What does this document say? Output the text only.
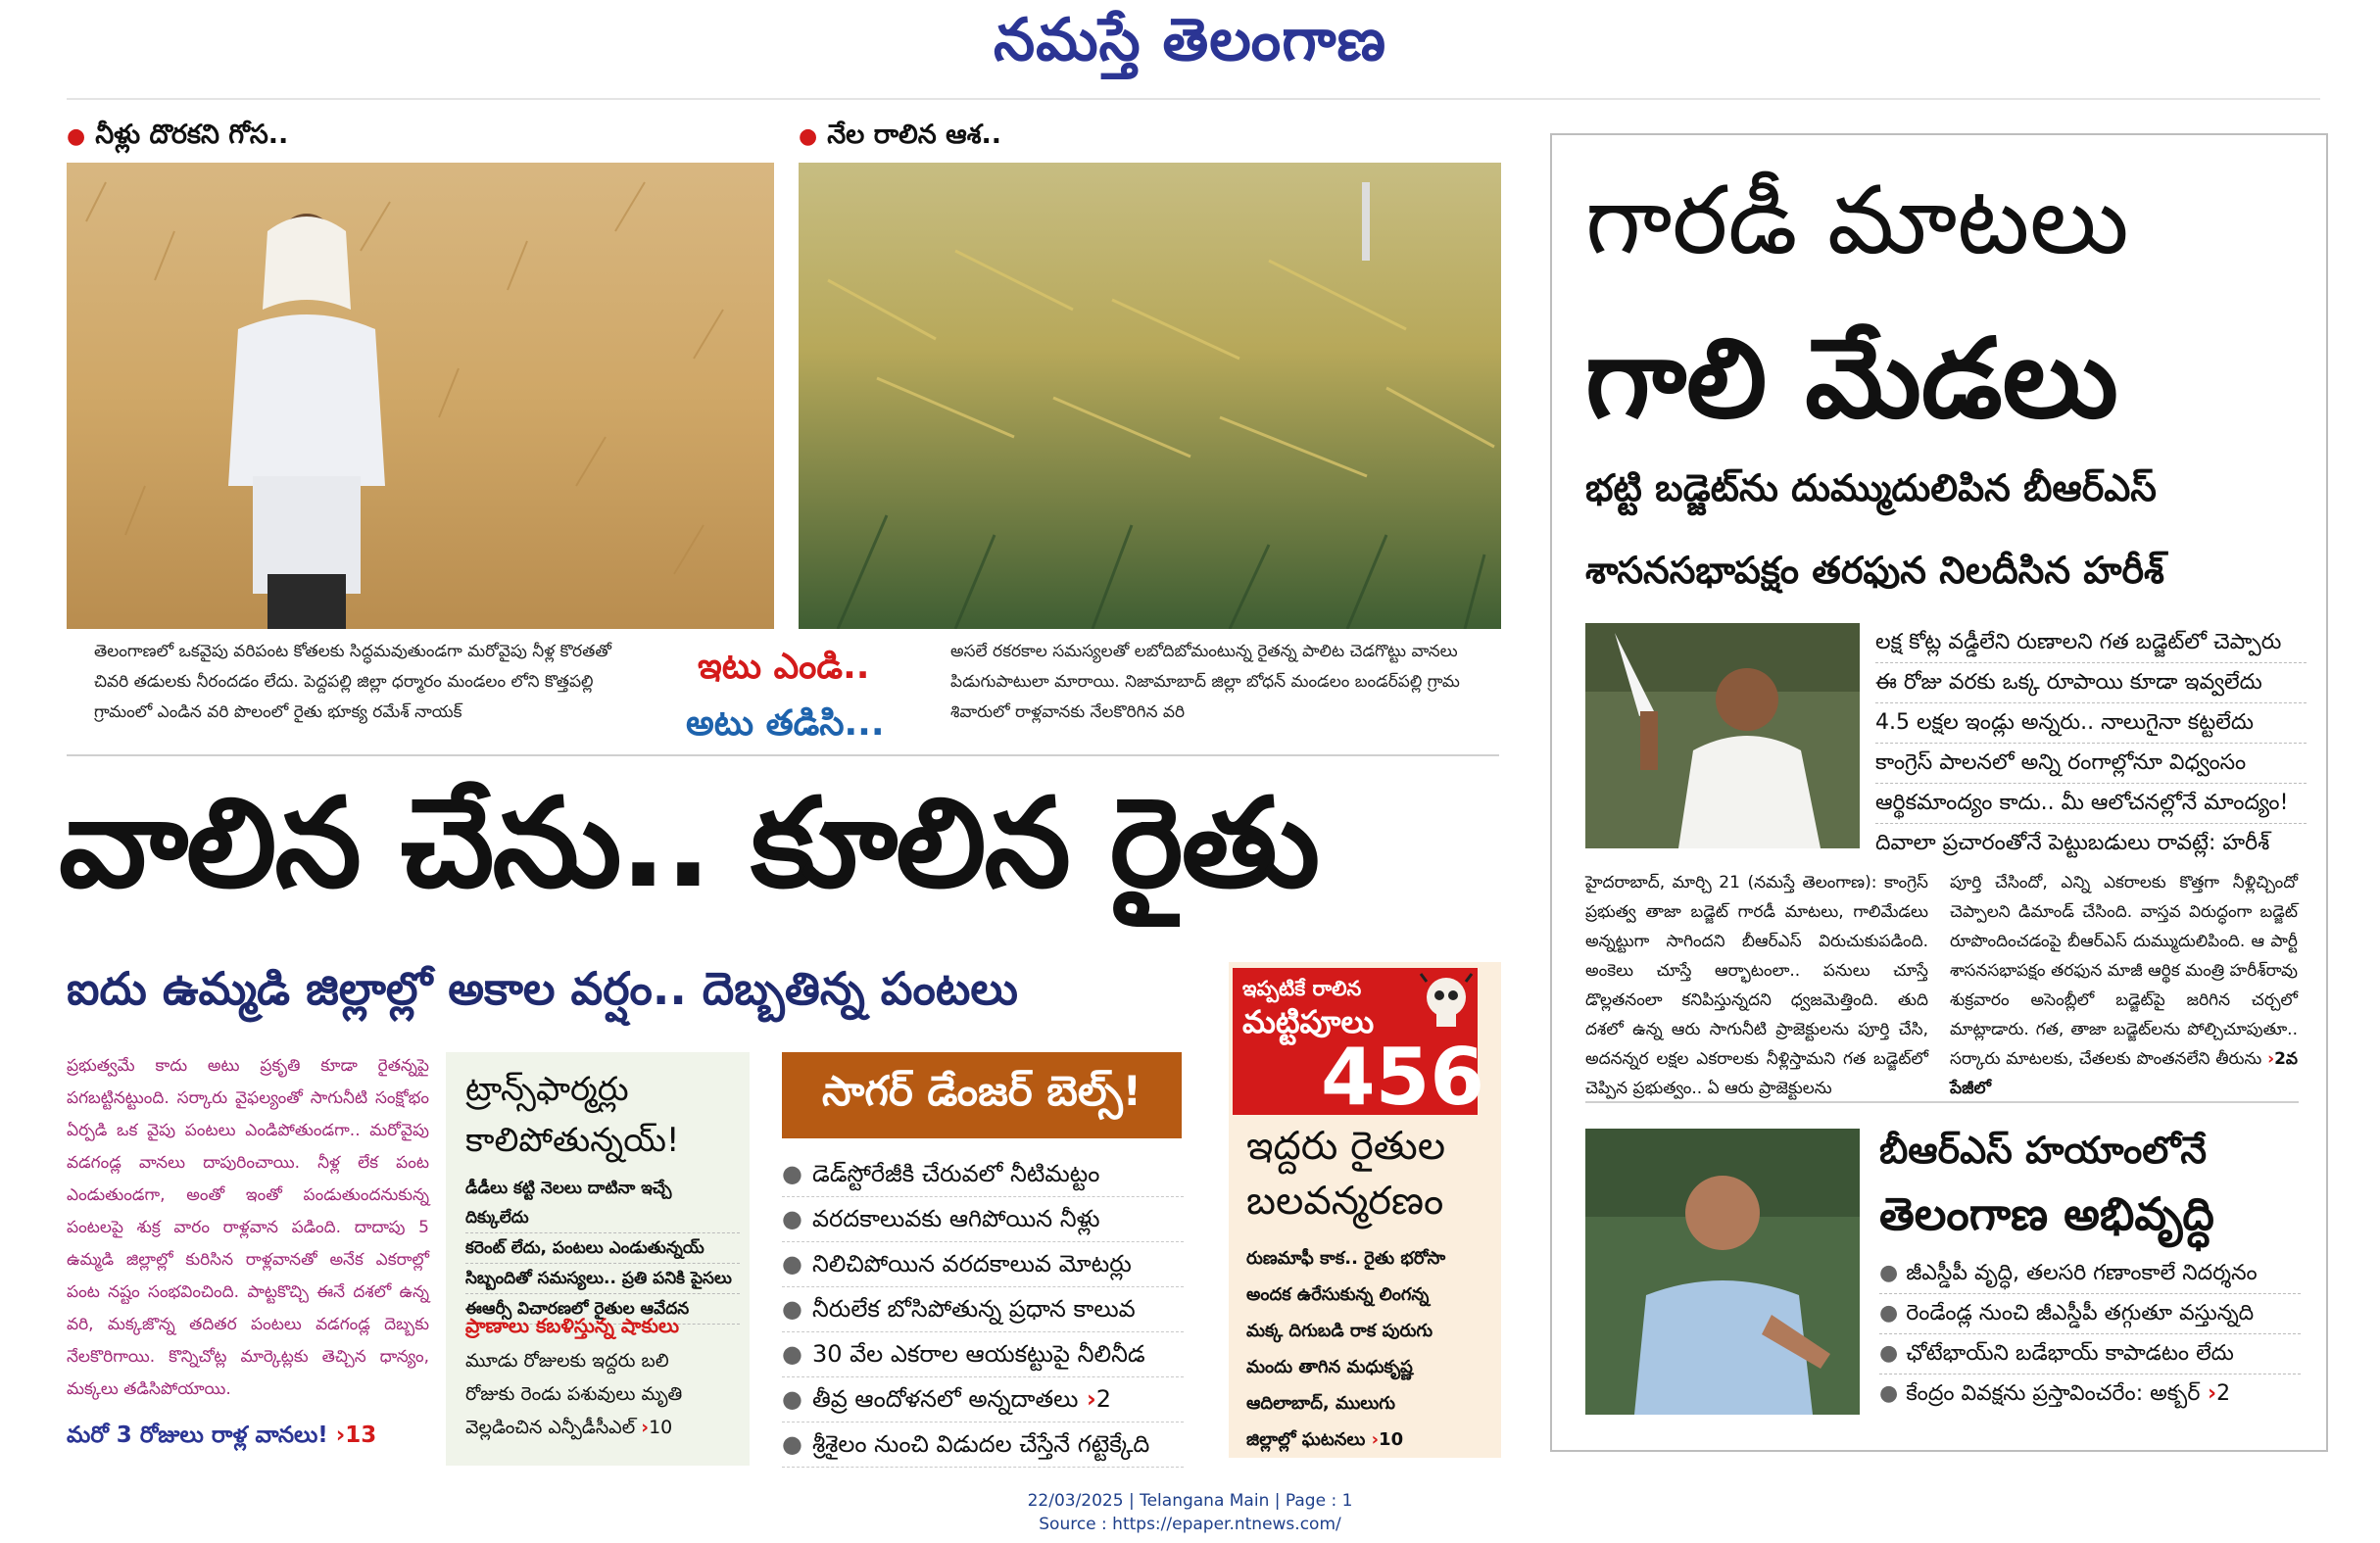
నమస్తే తెలంగాణ
● నీళ్లు దొరకని గోస..
తెలంగాణలో ఒకవైపు వరిపంట కోతలకు సిద్ధమవుతుండగా మరోవైపు నీళ్ల కొరతతో చివరి తడులకు నీరందడం లేదు. పెద్దపల్లి జిల్లా ధర్మారం మండలం లోని కొత్తపల్లి గ్రామంలో ఎండిన వరి పొలంలో రైతు భూక్య రమేశ్ నాయక్
ఇటు ఎండి..
అటు తడిసి...
● నేల రాలిన ఆశ..
అసలే రకరకాల సమస్యలతో లబోదిబోమంటున్న రైతన్న పాలిట చెడగొట్టు వానలు పిడుగుపాటులా మారాయి. నిజామాబాద్ జిల్లా బోధన్ మండలం బండర్‌పల్లి గ్రామ శివారులో రాళ్లవానకు నేలకొరిగిన వరి
వాలిన చేను.. కూలిన రైతు
ఐదు ఉమ్మడి జిల్లాల్లో అకాల వర్షం.. దెబ్బతిన్న పంటలు
ప్రభుత్వమే కాదు అటు ప్రకృతి కూడా రైతన్నపై పగబట్టినట్టుంది. సర్కారు వైఫల్యంతో సాగునీటి సంక్షోభం ఏర్పడి ఒక వైపు పంటలు ఎండిపోతుండగా.. మరోవైపు వడగండ్ల వానలు దాపురించాయి. నీళ్ల లేక పంట ఎండుతుండగా, అంతో ఇంతో పండుతుందనుకున్న పంటలపై శుక్ర వారం రాళ్లవాన పడింది. దాదాపు 5 ఉమ్మడి జిల్లాల్లో కురిసిన రాళ్లవానతో అనేక ఎకరాల్లో పంట నష్టం సంభవించింది. పాట్టకొచ్చి ఈనే దశలో ఉన్న వరి, మక్కజొన్న తదితర పంటలు వడగండ్ల దెబ్బకు నేలకొరిగాయి. కొన్నిచోట్ల మార్కెట్లకు తెచ్చిన ధాన్యం, మక్కలు తడిసిపోయాయి.
మరో 3 రోజులు రాళ్ల వానలు! ›13
ట్రాన్స్‌ఫార్మర్లు కాలిపోతున్నయ్!
డీడీలు కట్టి నెలలు దాటినా ఇచ్చే దిక్కులేదు
కరెంట్ లేదు, పంటలు ఎండుతున్నయ్
సిబ్బందితో సమస్యలు.. ప్రతి పనికి పైసలు
ఈఆర్సీ విచారణలో రైతుల ఆవేదన
ప్రాణాలు కబళిస్తున్న షాకులు
మూడు రోజులకు ఇద్దరు బలి
రోజుకు రెండు పశువులు మృతి
వెల్లడించిన ఎన్పీడీసీఎల్ ›10
సాగర్ డేంజర్ బెల్స్!
● డెడ్‌స్టోరేజీకి చేరువలో నీటిమట్టం
● వరదకాలువకు ఆగిపోయిన నీళ్లు
● నిలిచిపోయిన వరదకాలువ మోటర్లు
● నీరులేక బోసిపోతున్న ప్రధాన కాలువ
● 30 వేల ఎకరాల ఆయకట్టుపై నీలినీడ
● తీవ్ర ఆందోళనలో అన్నదాతలు ›2
● శ్రీశైలం నుంచి విడుదల చేస్తేనే గట్టెక్కేది
ఇప్పటికే రాలిన
మట్టిపూలు
456
ఇద్దరు రైతుల బలవన్మరణం
రుణమాఫీ కాక.. రైతు భరోసా
అందక ఉరేసుకున్న లింగన్న
మక్క దిగుబడి రాక పురుగు
మందు తాగిన మధుకృష్ణ
ఆదిలాబాద్, ములుగు
జిల్లాల్లో ఘటనలు ›10
గారడీ మాటలు
గాలి మేడలు
భట్టి బడ్జెట్‌ను దుమ్ముదులిపిన బీఆర్‌ఎస్
శాసనసభాపక్షం తరఫున నిలదీసిన హరీశ్
లక్ష కోట్ల వడ్డీలేని రుణాలని గత బడ్జెట్‌లో చెప్పారు
ఈ రోజు వరకు ఒక్క రూపాయి కూడా ఇవ్వలేదు
4.5 లక్షల ఇండ్లు అన్నరు.. నాలుగైనా కట్టలేదు
కాంగ్రెస్ పాలనలో అన్ని రంగాల్లోనూ విధ్వంసం
ఆర్థికమాంద్యం కాదు.. మీ ఆలోచనల్లోనే మాంద్యం!
దివాలా ప్రచారంతోనే పెట్టుబడులు రావట్లే: హరీశ్
హైదరాబాద్, మార్చి 21 (నమస్తే తెలంగాణ): కాంగ్రెస్ ప్రభుత్వ తాజా బడ్జెట్ గారడీ మాటలు, గాలిమేడలు అన్నట్టుగా సాగిందని బీఆర్‌ఎస్ విరుచుకుపడింది. అంకెలు చూస్తే ఆర్భాటంలా.. పనులు చూస్తే డొల్లతనంలా కనిపిస్తున్నదని ధ్వజమెత్తింది. తుది దశలో ఉన్న ఆరు సాగునీటి ప్రాజెక్టులను పూర్తి చేసి, అదనన్నర లక్షల ఎకరాలకు నీళ్లిస్తామని గత బడ్జెట్‌లో చెప్పిన ప్రభుత్వం.. ఏ ఆరు ప్రాజెక్టులను
పూర్తి చేసిందో, ఎన్ని ఎకరాలకు కొత్తగా నీళ్లిచ్చిందో చెప్పాలని డిమాండ్ చేసింది. వాస్తవ విరుద్ధంగా బడ్జెట్ రూపొందించడంపై బీఆర్‌ఎస్ దుమ్ముదులిపింది. ఆ పార్టీ శాసనసభాపక్షం తరఫున మాజీ ఆర్థిక మంత్రి హరీశ్‌రావు శుక్రవారం అసెంబ్లీలో బడ్జెట్‌పై జరిగిన చర్చలో మాట్లాడారు. గత, తాజా బడ్జెట్‌లను పోల్చిచూపుతూ.. సర్కారు మాటలకు, చేతలకు పొంతనలేని తీరును ›2వ పేజీలో
బీఆర్‌ఎస్ హయాంలోనే
తెలంగాణ అభివృద్ధి
● జీఎస్డీపీ వృద్ధి, తలసరి గణాంకాలే నిదర్శనం
● రెండేండ్ల నుంచి జీఎస్డీపీ తగ్గుతూ వస్తున్నది
● ఛోటేభాయ్‌ని బడేభాయ్ కాపాడటం లేదు
● కేంద్రం వివక్షను ప్రస్తావించరేం: అక్బర్ ›2
22/03/2025 | Telangana Main | Page : 1
Source : https://epaper.ntnews.com/
